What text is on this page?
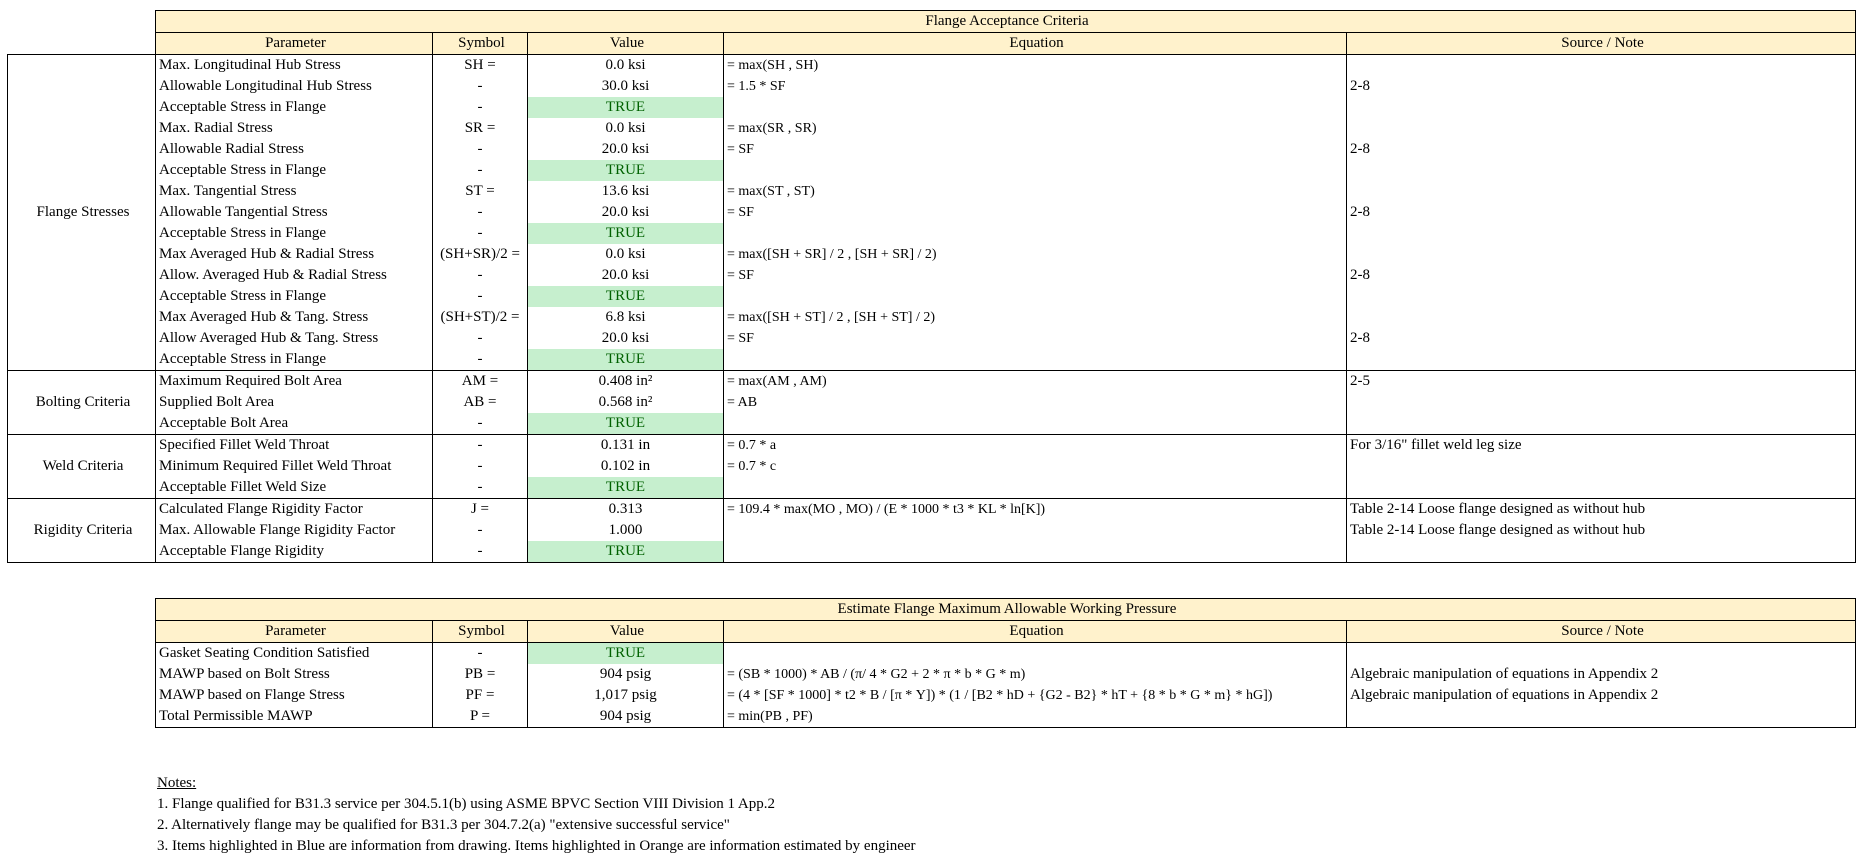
	Flange Acceptance Criteria				
	Parameter	Symbol	Value	Equation	Source / Note
Flange Stresses	Max. Longitudinal Hub Stress	SH =	0.0 ksi	= max(SH , SH)	
	Allowable Longitudinal Hub Stress	-	30.0 ksi	= 1.5 * SF	2-8
	Acceptable Stress in Flange	-	TRUE		
	Max. Radial Stress	SR =	0.0 ksi	= max(SR , SR)	
	Allowable Radial Stress	-	20.0 ksi	= SF	2-8
	Acceptable Stress in Flange	-	TRUE		
	Max. Tangential Stress	ST =	13.6 ksi	= max(ST , ST)	
	Allowable Tangential Stress	-	20.0 ksi	= SF	2-8
	Acceptable Stress in Flange	-	TRUE		
	Max Averaged Hub & Radial Stress	(SH+SR)/2 =	0.0 ksi	= max([SH + SR] / 2 , [SH + SR] / 2)	
	Allow. Averaged Hub & Radial Stress	-	20.0 ksi	= SF	2-8
	Acceptable Stress in Flange	-	TRUE		
	Max Averaged Hub & Tang. Stress	(SH+ST)/2 =	6.8 ksi	= max([SH + ST] / 2 , [SH + ST] / 2)	
	Allow Averaged Hub & Tang. Stress	-	20.0 ksi	= SF	2-8
	Acceptable Stress in Flange	-	TRUE		
Bolting Criteria	Maximum Required Bolt Area	AM =	0.408 in²	= max(AM , AM)	2-5
	Supplied Bolt Area	AB =	0.568 in²	= AB	
	Acceptable Bolt Area	-	TRUE		
Weld Criteria	Specified Fillet Weld Throat	-	0.131 in	= 0.7 * a	For 3/16" fillet weld leg size
	Minimum Required Fillet Weld Throat	-	0.102 in	= 0.7 * c	
	Acceptable Fillet Weld Size	-	TRUE		
Rigidity Criteria	Calculated Flange Rigidity Factor	J =	0.313	= 109.4 * max(MO , MO) / (E * 1000 * t3 * KL * ln[K])	Table 2-14 Loose flange designed as without hub
	Max. Allowable Flange Rigidity Factor	-	1.000		Table 2-14 Loose flange designed as without hub
	Acceptable Flange Rigidity	-	TRUE		
Estimate Flange Maximum Allowable Working Pressure				
Parameter	Symbol	Value	Equation	Source / Note
Gasket Seating Condition Satisfied	-	TRUE		
MAWP based on Bolt Stress	PB =	904 psig	= (SB * 1000) * AB / (π/ 4 * G2 + 2 * π * b * G * m)	Algebraic manipulation of equations in Appendix 2
MAWP based on Flange Stress	PF =	1,017 psig	= (4 * [SF * 1000] * t2 * B / [π * Y]) * (1 / [B2 * hD + {G2 - B2} * hT + {8 * b * G * m} * hG])	Algebraic manipulation of equations in Appendix 2
Total Permissible MAWP	P =	904 psig	= min(PB , PF)	
Notes:
1. Flange qualified for B31.3 service per 304.5.1(b) using ASME BPVC Section VIII Division 1 App.2
2. Alternatively flange may be qualified for B31.3 per 304.7.2(a) "extensive successful service"
3. Items highlighted in Blue are information from drawing. Items highlighted in Orange are information estimated by engineer
